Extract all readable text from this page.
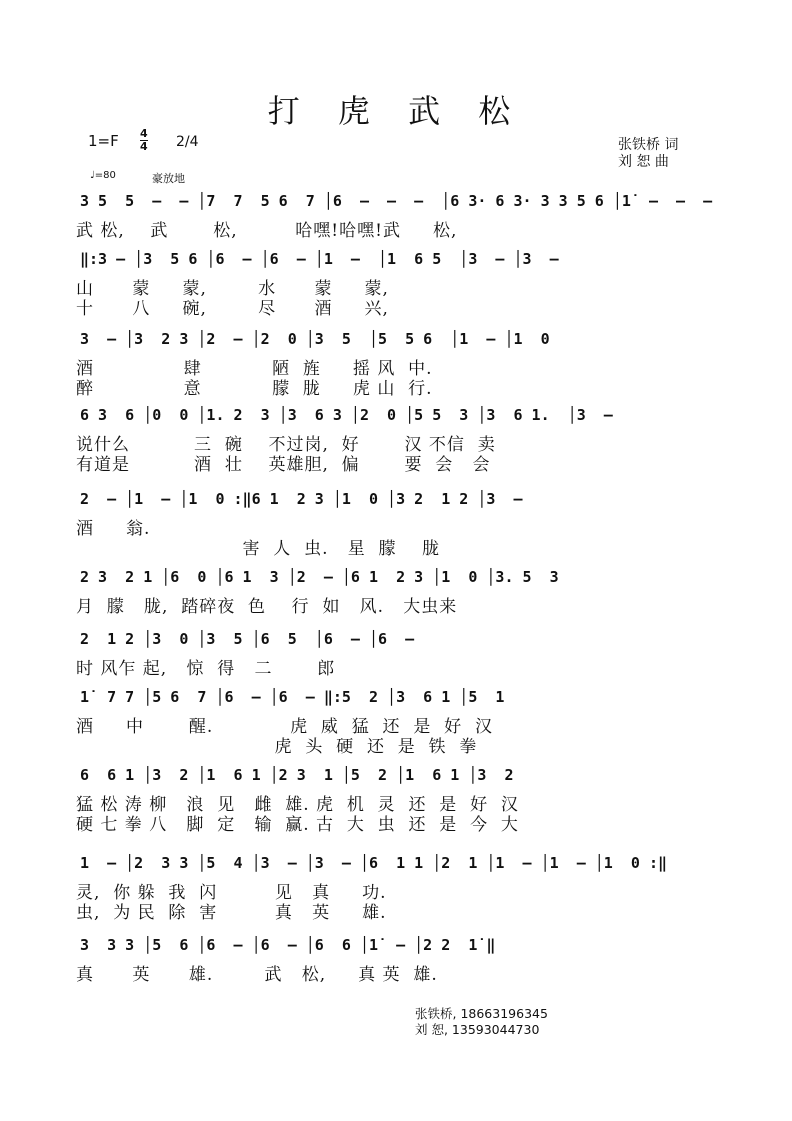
打 虎 武 松
1=F 4
4 2/4	张铁桥 词
刘 恕 曲
♩=80	豪放地
3 5  5  –  – │7  7  5 6  7 │6  –  –  –  │6 3· 6 3· 3 3 5 6 │1̇  –  –  –
武 松,    武       松,         哈嘿!哈嘿!武     松,
‖:3 – │3  5 6 │6  – │6  – │1  –  │1  6 5  │3  – │3  –
山      蒙     蒙,        水      蒙     蒙,
十      八     碗,        尽      酒     兴,
3  – │3  2 3 │2  – │2  0 │3  5  │5  5 6  │1  – │1  0
酒              肆           陋  旌     摇 风  中.
醉              意           朦  胧     虎 山  行.
6 3  6 │0  0 │1. 2  3 │3  6 3 │2  0 │5 5  3 │3  6 1.  │3  –
说什么          三  碗    不过岗,  好       汉 不信  卖
有道是          酒  壮    英雄胆,  偏       要  会   会
2  – │1  – │1  0 :‖6 1  2 3 │1  0 │3 2  1 2 │3  –
酒     翁.
害  人  虫.   星  朦    胧
2 3  2 1 │6  0 │6 1  3 │2  – │6 1  2 3 │1  0 │3. 5  3
月  朦   胧,  踏碎夜  色    行  如   风.   大虫来
2  1 2 │3  0 │3  5 │6  5  │6  – │6  –
时 风乍 起,   惊  得   二       郎
1̇  7 7 │5 6  7 │6  – │6  – ‖:5  2 │3  6 1 │5  1
酒     中       醒.            虎  威  猛  还  是  好  汉
虎  头  硬  还  是  铁  拳
6  6 1 │3  2 │1  6 1 │2 3  1 │5  2 │1  6 1 │3  2
猛 松 涛 柳   浪  见   雌  雄. 虎  机  灵  还  是  好  汉
硬 七 拳 八   脚  定   输  赢. 古  大  虫  还  是  今  大
1  – │2  3 3 │5  4 │3  – │3  – │6  1 1 │2  1 │1  – │1  – │1  0 :‖
灵,  你 躲  我  闪         见   真     功.
虫,  为 民  除  害         真   英     雄.
3  3 3 │5  6 │6  – │6  – │6  6 │1̇  – │2 2  1̇ ‖
真      英      雄.        武   松,     真 英  雄.
张铁桥, 18663196345
刘 恕, 13593044730
